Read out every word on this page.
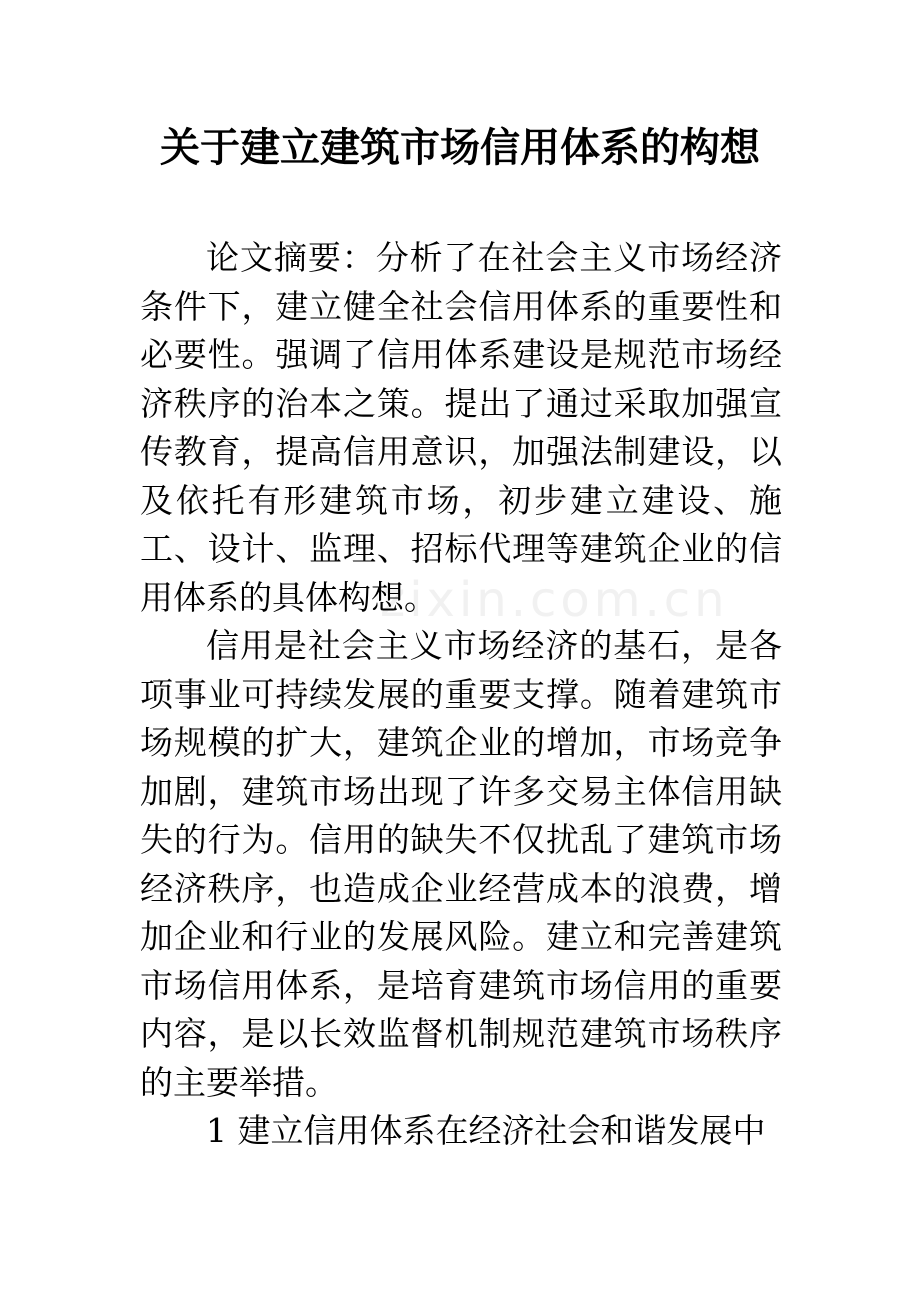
zixin.com.cn
关于建立建筑市场信用体系的构想

论文摘要：分析了在社会主义市场经济条件下，建立健全社会信用体系的重要性和必要性。强调了信用体系建设是规范市场经济秩序的治本之策。提出了通过采取加强宣传教育，提高信用意识，加强法制建设，以及依托有形建筑市场，初步建立建设、施工、设计、监理、招标代理等建筑企业的信用体系的具体构想。

信用是社会主义市场经济的基石，是各项事业可持续发展的重要支撑。随着建筑市场规模的扩大，建筑企业的增加，市场竞争加剧，建筑市场出现了许多交易主体信用缺失的行为。信用的缺失不仅扰乱了建筑市场经济秩序，也造成企业经营成本的浪费，增加企业和行业的发展风险。建立和完善建筑市场信用体系，是培育建筑市场信用的重要内容，是以长效监督机制规范建筑市场秩序的主要举措。

1 建立信用体系在经济社会和谐发展中
